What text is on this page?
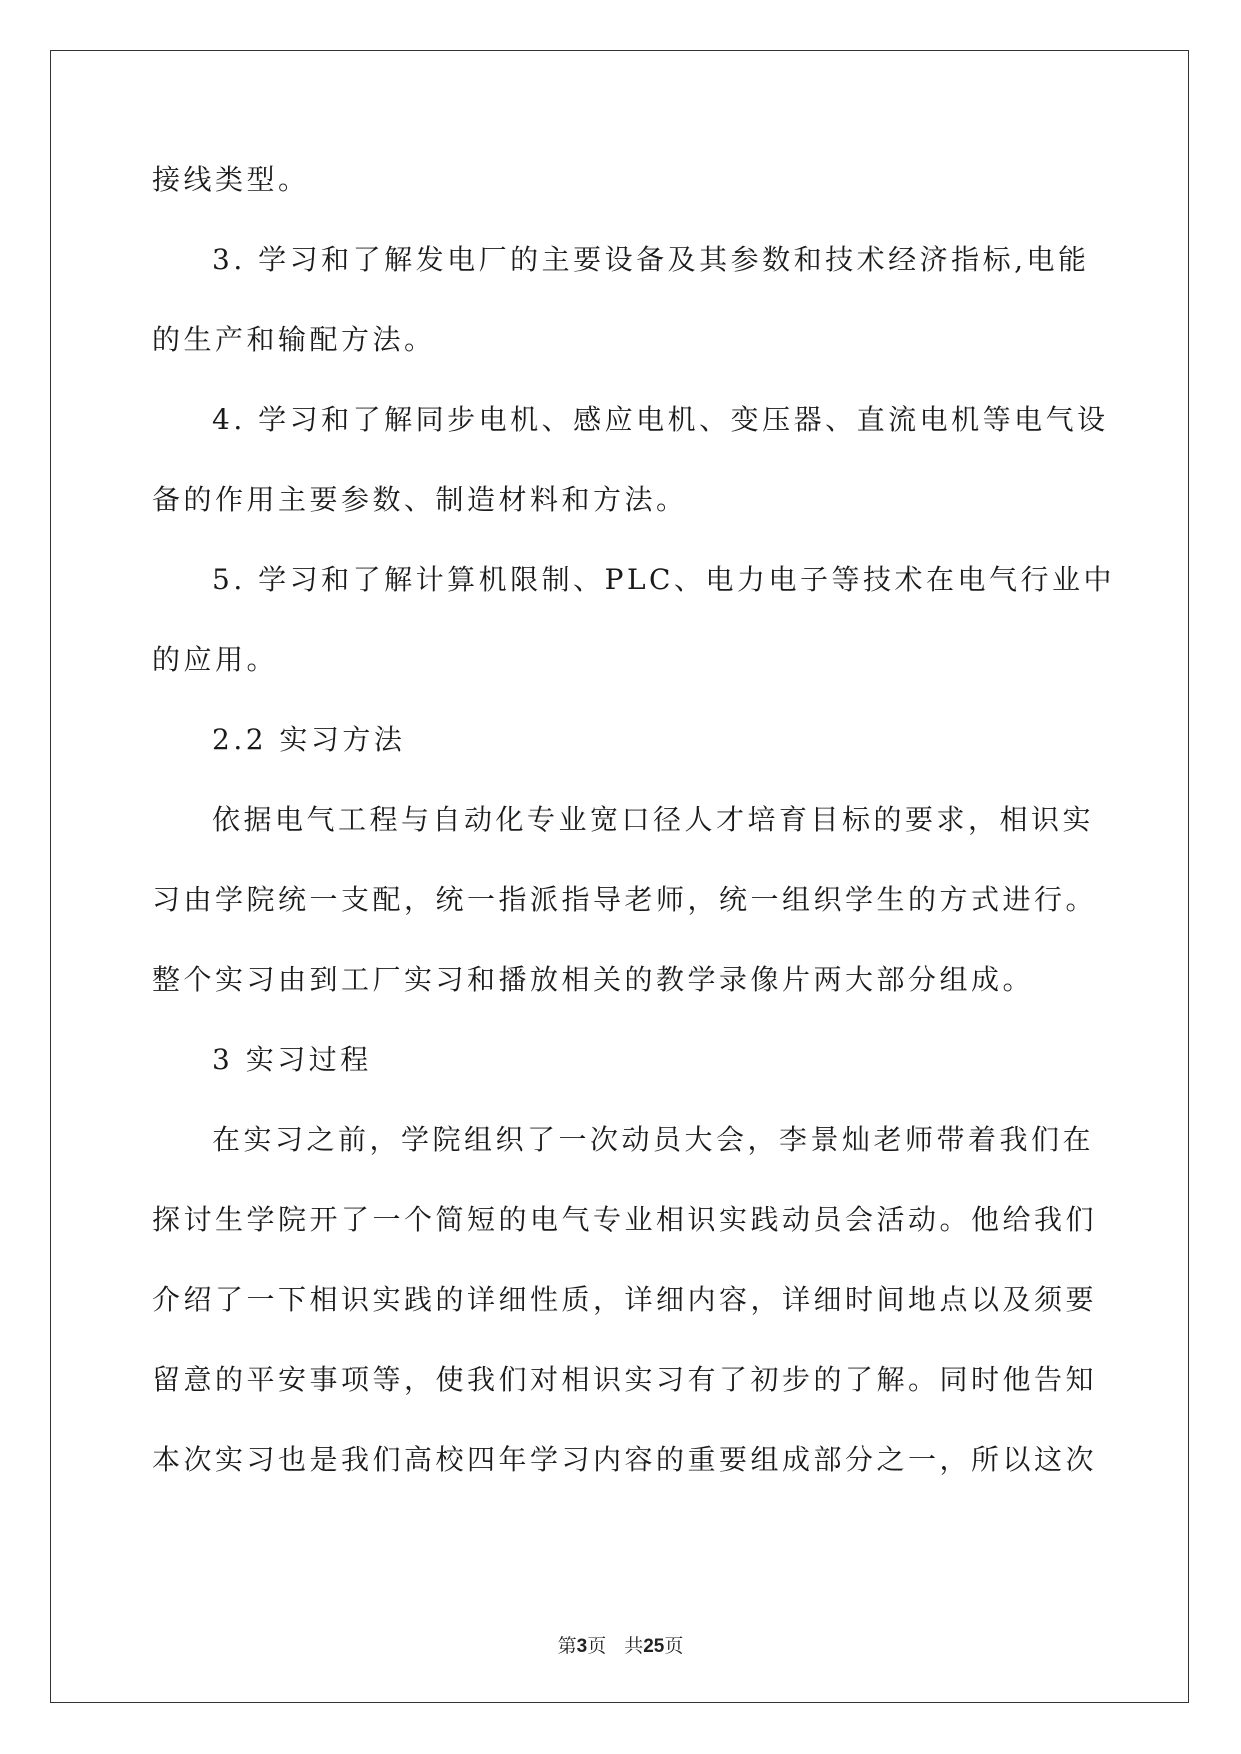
接线类型。
3. 学习和了解发电厂的主要设备及其参数和技术经济指标,电能
的生产和输配方法。
4. 学习和了解同步电机、感应电机、变压器、直流电机等电气设
备的作用主要参数、制造材料和方法。
5. 学习和了解计算机限制、PLC、电力电子等技术在电气行业中
的应用。
2.2 实习方法
依据电气工程与自动化专业宽口径人才培育目标的要求，相识实
习由学院统一支配，统一指派指导老师，统一组织学生的方式进行。
整个实习由到工厂实习和播放相关的教学录像片两大部分组成。
3 实习过程
在实习之前，学院组织了一次动员大会，李景灿老师带着我们在
探讨生学院开了一个简短的电气专业相识实践动员会活动。他给我们
介绍了一下相识实践的详细性质，详细内容，详细时间地点以及须要
留意的平安事项等，使我们对相识实习有了初步的了解。同时他告知
本次实习也是我们高校四年学习内容的重要组成部分之一，所以这次
第3页 共25页
